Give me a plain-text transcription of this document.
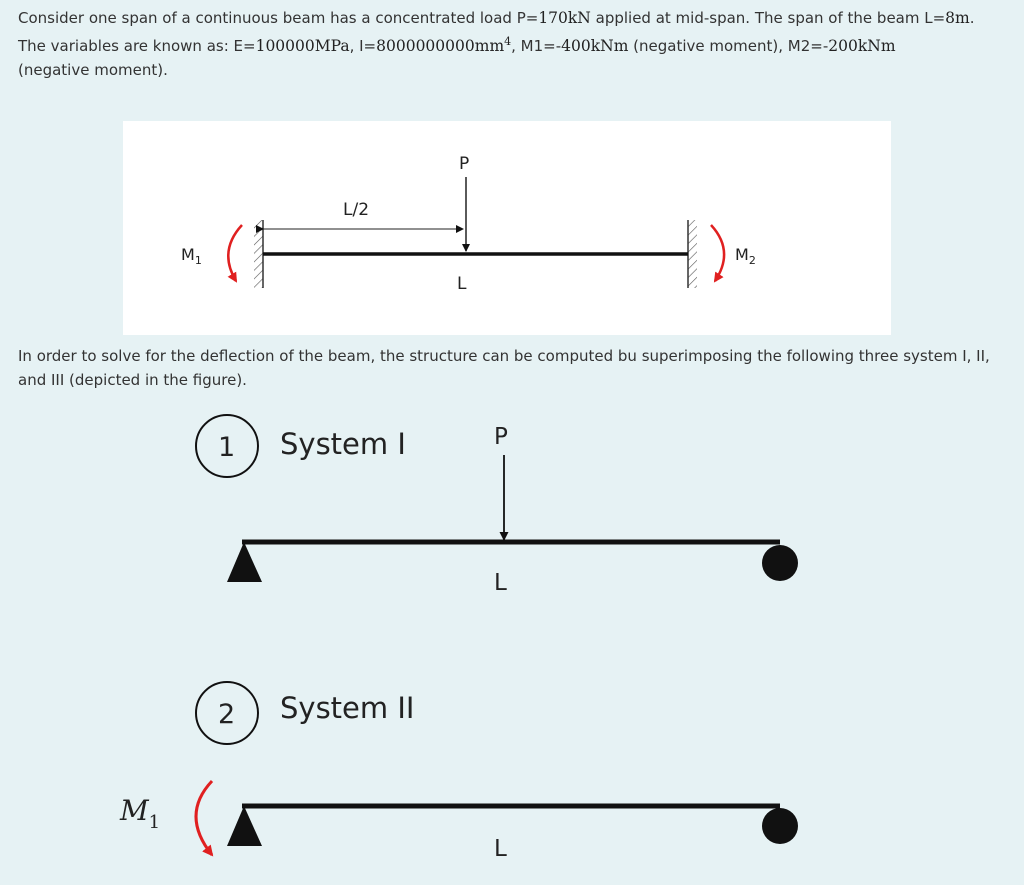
Consider one span of a continuous beam has a concentrated load P=170kN applied at mid-span. The span of the beam L=8m.
The variables are known as: E=100000MPa, $I=8000000000mm^4$, M1=-400kNm (negative moment), M2=-200kNm
(negative moment).
L/2
P
L
$M_1$	$M_2$
In order to solve for the deflection of the beam, the structure can be computed bu superimposing the following three system I, II,
and III (depicted in the figure).
1 System I	P
L
2 System II
$M_1$
L
